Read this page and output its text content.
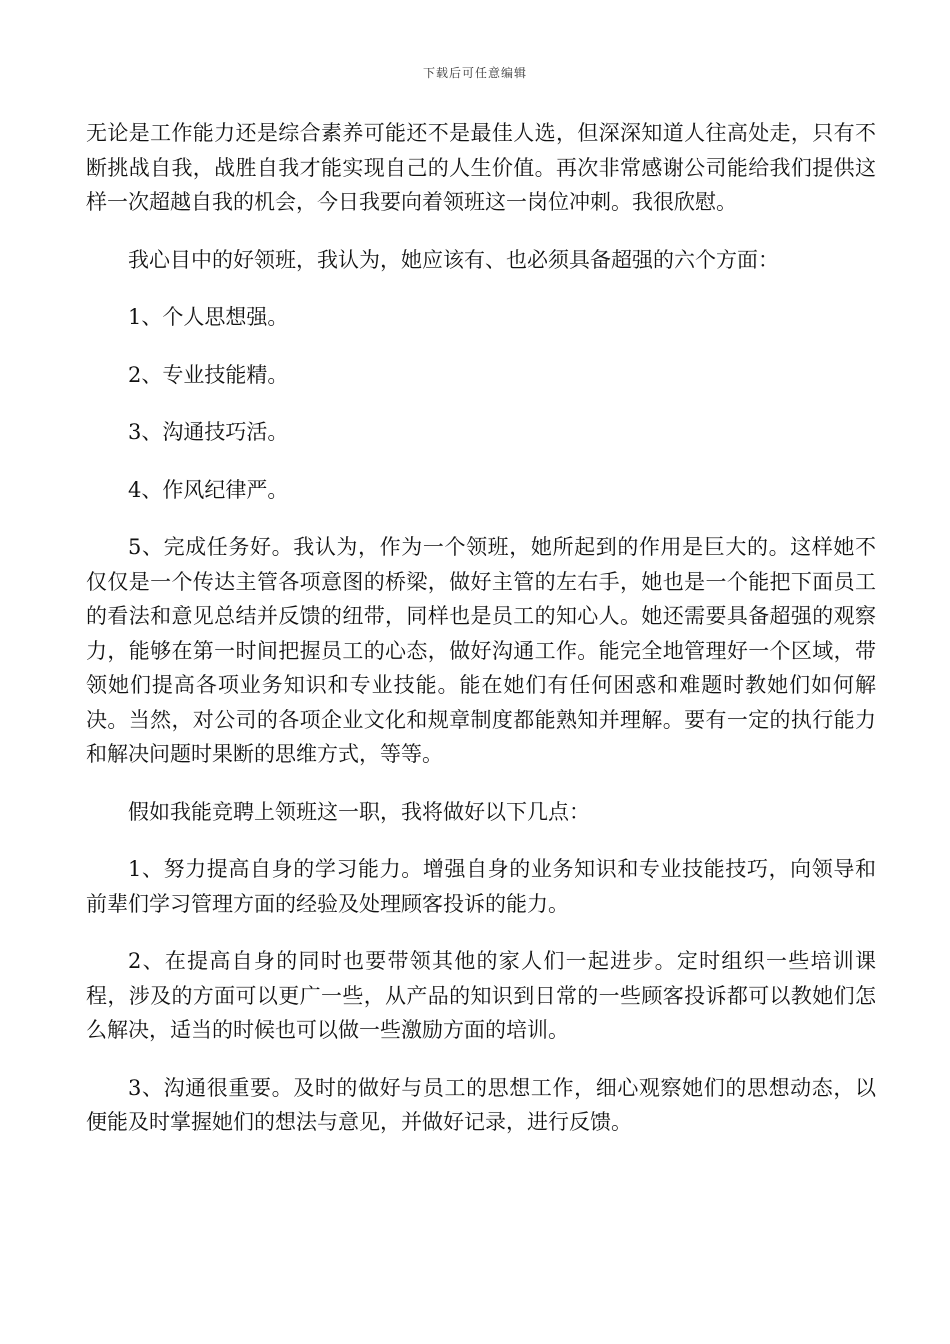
下载后可任意编辑

无论是工作能力还是综合素养可能还不是最佳人选，但深深知道人往高处走，只有不断挑战自我，战胜自我才能实现自己的人生价值。再次非常感谢公司能给我们提供这样一次超越自我的机会，今日我要向着领班这一岗位冲刺。我很欣慰。

我心目中的好领班，我认为，她应该有、也必须具备超强的六个方面：

1、个人思想强。

2、专业技能精。

3、沟通技巧活。

4、作风纪律严。

5、完成任务好。我认为，作为一个领班，她所起到的作用是巨大的。这样她不仅仅是一个传达主管各项意图的桥梁，做好主管的左右手，她也是一个能把下面员工的看法和意见总结并反馈的纽带，同样也是员工的知心人。她还需要具备超强的观察力，能够在第一时间把握员工的心态，做好沟通工作。能完全地管理好一个区域，带领她们提高各项业务知识和专业技能。能在她们有任何困惑和难题时教她们如何解决。当然，对公司的各项企业文化和规章制度都能熟知并理解。要有一定的执行能力和解决问题时果断的思维方式，等等。

假如我能竞聘上领班这一职，我将做好以下几点：

1、努力提高自身的学习能力。增强自身的业务知识和专业技能技巧，向领导和前辈们学习管理方面的经验及处理顾客投诉的能力。

2、在提高自身的同时也要带领其他的家人们一起进步。定时组织一些培训课程，涉及的方面可以更广一些，从产品的知识到日常的一些顾客投诉都可以教她们怎么解决，适当的时候也可以做一些激励方面的培训。

3、沟通很重要。及时的做好与员工的思想工作，细心观察她们的思想动态，以便能及时掌握她们的想法与意见，并做好记录，进行反馈。
